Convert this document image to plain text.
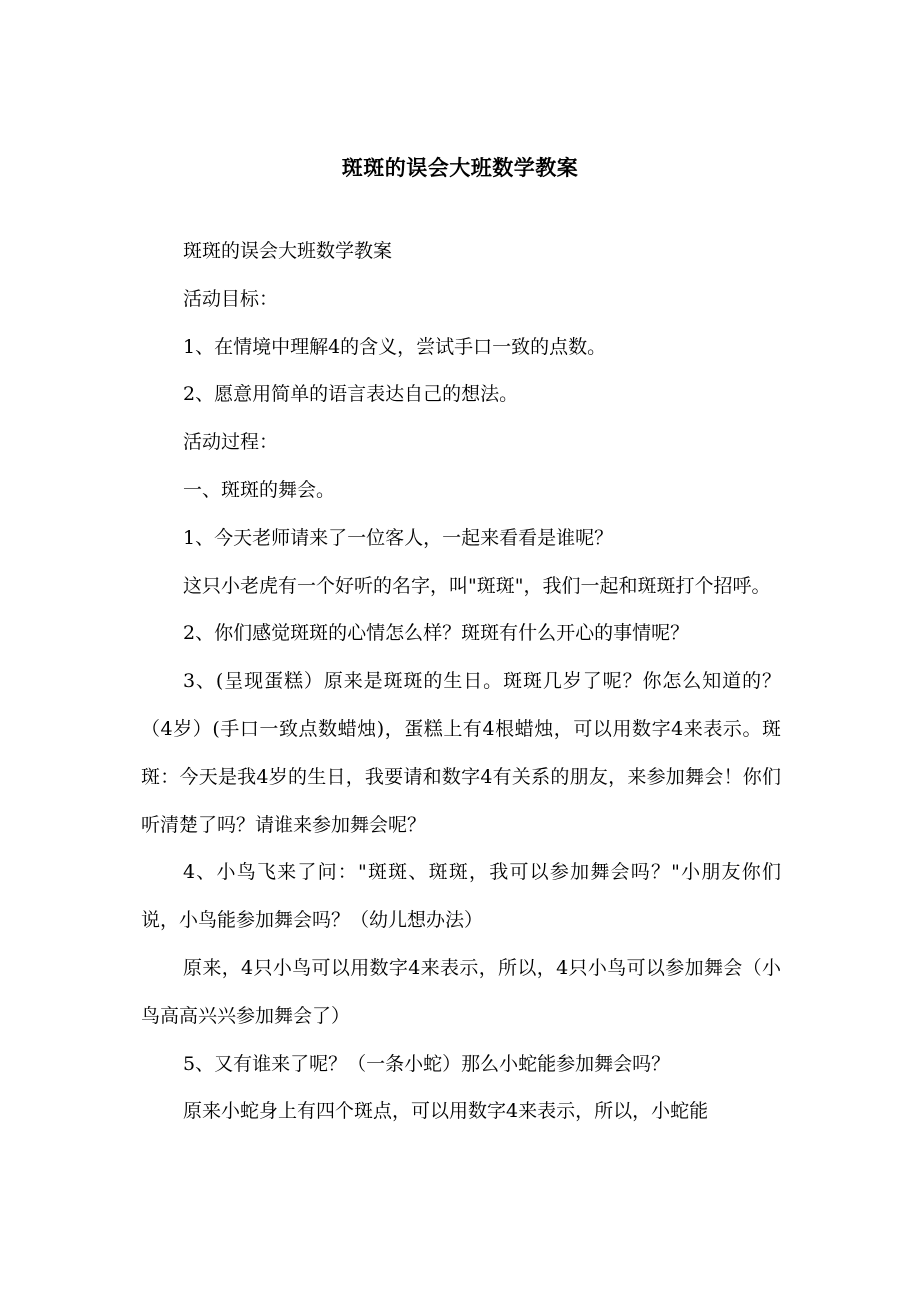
斑斑的误会大班数学教案

斑斑的误会大班数学教案

活动目标：

1、在情境中理解4的含义，尝试手口一致的点数。

2、愿意用简单的语言表达自己的想法。

活动过程：

一、斑斑的舞会。

1、今天老师请来了一位客人，一起来看看是谁呢？

这只小老虎有一个好听的名字，叫"斑斑"，我们一起和斑斑打个招呼。

2、你们感觉斑斑的心情怎么样？斑斑有什么开心的事情呢？

3、(呈现蛋糕）原来是斑斑的生日。斑斑几岁了呢？你怎么知道的？（4岁）(手口一致点数蜡烛)，蛋糕上有4根蜡烛，可以用数字4来表示。斑斑：今天是我4岁的生日，我要请和数字4有关系的朋友，来参加舞会！你们听清楚了吗？请谁来参加舞会呢？

4、小鸟飞来了问："斑斑、斑斑，我可以参加舞会吗？"小朋友你们说，小鸟能参加舞会吗？（幼儿想办法）

原来，4只小鸟可以用数字4来表示，所以，4只小鸟可以参加舞会（小鸟高高兴兴参加舞会了）

5、又有谁来了呢？（一条小蛇）那么小蛇能参加舞会吗？

原来小蛇身上有四个斑点，可以用数字4来表示，所以，小蛇能
